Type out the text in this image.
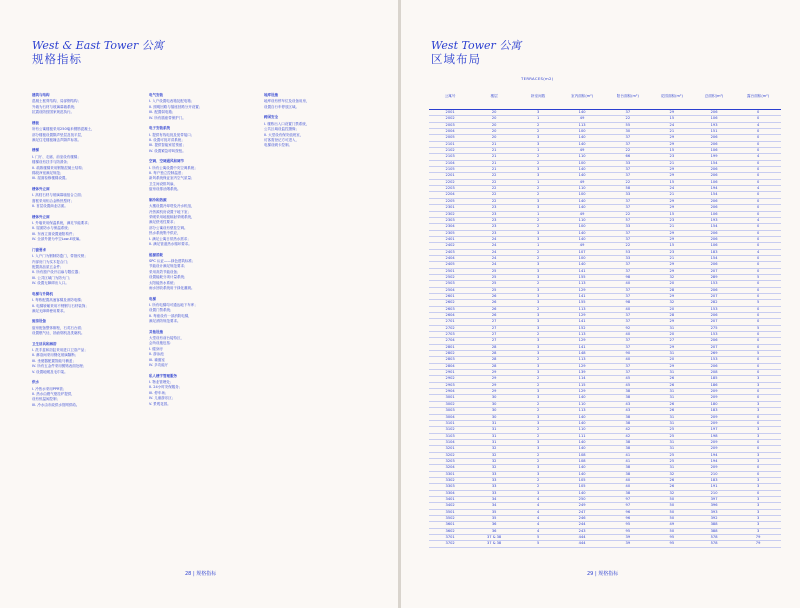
West & East Tower 公寓
规格指标
建筑与结构
混凝土框剪结构，局部钢结构；
外墙为石材与玻璃幕墙系统；
抗震设防按国家规范执行。
楼板
所有公寓楼板采用250毫米钢筋混凝土，
部分楼板设置隔声垫层及找平层，
满足住宅楼板撞击声隔声标准。
楼梯
I. 门厅、走廊、前室设有楼梯；
楼梯设有扶手与防滑条；
II. 疏散楼梯采用钢筋混凝土结构；
梯段净宽满足规范；
III. 屋面检修楼梯设置。
楼体外立面
I. 高档石材与玻璃幕墙组合立面；
窗框采用铝合金断热型材；
II. 首层设置商业店面。
楼体外立面
I. 外墙采用保温系统，满足节能要求；
II. 屋面防水与保温系统；
III. 东西立面设置遮阳构件；
IV. 全部外窗为中空Low-E玻璃。
门窗要求
I. 入户门为钢制防盗门，带指纹锁；
内部房门为实木复合门；
配置高品质五金件；
II. 所有窗户设开启扇与限位器；
III. 公共区域门为防火门；
IV. 设置无障碍出入口。
电梯与升降机
I. 每栋配置高速客梯及消防电梯；
II. 电梯轿厢采用不锈钢与石材装饰；
满足无障碍使用要求。
厨房设备
厨房配备整体橱柜，石英石台面；
设置燃气灶、抽油烟机及洗碗机。
卫生洁具和淋浴
I. 洗手盆和浴缸采用进口卫浴产品；
II. 淋浴间采用钢化玻璃隔断；
III. 坐便器配置智能马桶盖；
IV. 所有五金件采用镀铬表面处理；
V. 设置地暖及毛巾架。
供水
I. 冷热水采用PPR管；
II. 热水由燃气壁挂炉提供，
设有恒温阀控制；
III. 冷水由市政供水管网供给。
电气安装
I. 入户设置电表箱及配电箱；
II. 照明回路与插座回路分开设置；
III. 配置弱电箱；
IV. 所有插座带保护门。
电子安装系统
I. 提供有线电视及宽带接口；
II. 设置可视对讲系统；
III. 提供智能家居预留；
IV. 设置紧急呼叫按钮。
空调、空调通风和调节
I. 所有公寓设置中央空调系统；
II. 每户独立控制温度；
新风系统保证室内空气质量；
卫生间设排风扇，
厨房设排油烟系统。
制冷和热源
大楼设置冷却塔及冷水机组，
冷热源机房设置于地下室；
采暖采用地板辐射采暖系统，
满足舒适性要求；
部分公寓设有壁挂空调。
热水系统集中供应，
I. 满足公寓日常热水需求；
II. 满足管道热水循环要求。
能源消耗
SPC 认证——绿色建筑标准；
节能设计满足规范要求；
采用高效节能设备；
设置能耗分项计量系统；
太阳能热水系统；
雨水回收系统用于绿化灌溉。
电梯
I. 所有电梯均可通达地下车库；
设置门禁系统；
II. 每座设有一部消防电梯，
满足消防规范要求。
其他设施
大堂设有前台接待区，
会所设施包括：
I. 健身房
II. 游泳池
III. 瑜伽室
IV. 多功能厅
私人楼宇管理服务
I. 物业管理处；
II. 24小时安保服务；
III. 停车场；
IV. 儿童游乐区；
V. 景观花园。
地库设施
地库设有停车位及设备用房，
设置自行车停放区域。
跨国安全
I. 楼栋出入口设置门禁系统，
公共区域设监控摄像；
II. 大堂设有保安值班室，
访客需登记方可进入，
电梯设刷卡控制。
28 | 规格指标
West Tower 公寓
区域布局
29 | 规格指标
TERRACES(m2)
公寓号	楼层	卧室间数	室内面积(m²)	阳台面积(m²)	花园面积(m²)	总面积(m²)	露台面积(m²)
2001	20	3	140	37	29	206	0
2002	20	1	49	22	15	106	0
2003	20	2	113	55	24	193	4
2004	20	2	100	30	21	151	0
2005	20	3	140	37	29	206	0
2101	21	3	140	37	29	206	0
2102	21	1	49	22	15	106	0
2103	21	2	110	66	23	199	4
2104	21	2	100	33	21	154	0
2105	21	3	140	37	29	206	0
2201	22	3	140	37	29	206	0
2202	22	1	49	22	15	106	0
2203	22	2	110	58	24	194	4
2204	22	2	100	33	21	154	0
2205	22	3	140	37	29	206	0
2301	23	3	140	37	29	206	0
2302	23	1	49	22	15	106	0
2303	23	2	110	57	23	193	4
2304	23	2	100	33	21	154	0
2305	23	3	140	37	29	206	0
2401	24	3	140	37	29	206	0
2402	24	1	49	22	15	106	0
2403	24	2	107	53	23	183	4
2404	24	2	100	33	21	154	0
2405	24	3	140	37	29	206	0
2501	25	3	141	37	29	207	0
2502	25	3	155	98	32	289	5
2503	25	2	113	40	20	153	0
2504	25	3	129	37	28	206	0
2601	26	3	141	37	29	207	0
2602	26	3	155	98	32	282	5
2603	26	2	113	40	20	153	0
2604	26	3	129	37	28	206	0
2701	27	3	141	37	29	207	0
2702	27	3	152	92	31	275	5
2703	27	2	113	40	20	153	0
2704	27	3	129	37	27	206	0
2801	28	3	141	37	29	207	0
2802	28	3	148	90	31	269	5
2803	28	2	113	40	20	153	0
2804	28	3	129	37	29	206	0
2901	29	3	139	37	31	208	0
2902	29	2	114	45	26	185	3
2903	29	2	115	45	26	186	3
2904	29	3	129	38	31	209	0
3001	30	3	140	38	31	209	0
3002	30	2	110	43	26	180	3
3003	30	2	113	43	26	183	3
3004	30	3	140	38	31	209	0
3101	31	3	140	38	31	209	0
3102	31	2	110	42	25	197	3
3103	31	2	111	42	25	198	3
3104	31	3	140	38	31	209	0
3201	32	3	140	38	31	209	0
3202	32	2	108	41	25	194	3
3203	32	2	108	41	25	194	3
3204	32	3	140	38	31	209	0
3301	33	3	140	38	32	210	0
3302	33	2	105	40	26	183	3
3303	33	2	105	40	26	191	3
3304	33	3	140	38	32	210	0
3401	34	4	250	97	50	397	3
3402	34	4	249	97	50	396	3
3501	35	4	247	96	50	393	3
3502	35	4	246	96	50	392	3
3601	36	4	244	95	49	388	3
3602	36	4	243	95	50	388	3
3701	37 & 38	5	444	39	95	578	79
3702	37 & 38	5	444	39	95	578	79
